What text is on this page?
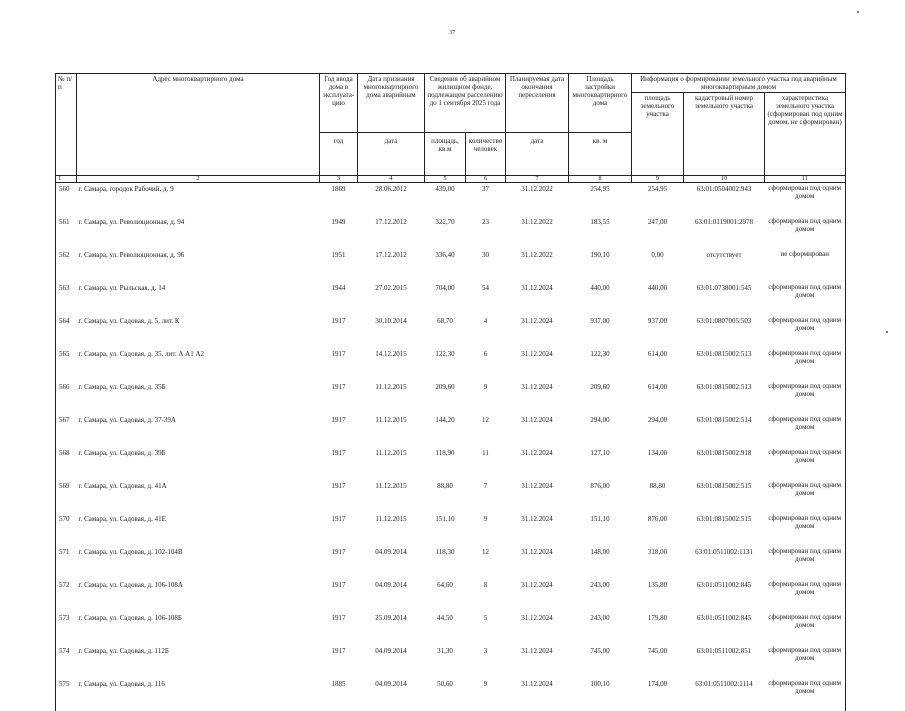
37
№ п/п	Адрес многоквартирного дома	Год ввода дома в эксплуата-цию	Дата признания многоквартирного дома аварийным	Сведения об аварийном жилищном фонде, подлежащем расселению до 1 сентября 2025 года		Планируемая дата окончания переселения	Площадь застройки многоквартирного дома	Информация о формировании земельного участка под аварийным многоквартирным домом		
								площадь земельного участка	кадастровый номер земельного участка	характеристика земельного участка (сформирован под одним домом, не сформирован)
		год	дата	площадь, кв.м	количество человек	дата	кв. м			
1	2	3	4	5	6	7	8	9	10	11
560	г. Самара, городок Рабочий, д. 9	1869	28.06.2012	439,00	37	31.12.2022	254,95	254,95	63:01:0504002:943	сформирован под одним домом
561	г. Самара, ул. Революционная, д. 94	1949	17.12.2012	322,70	23	31.12.2022	183,55	247,00	63:01:0119001:2978	сформирован под одним домом
562	г. Самара, ул. Революционная, д. 96	1951	17.12.2012	336,40	30	31.12.2022	190,10	0,00	отсутствует	не сформирован
563	г. Самара, ул. Рыльская, д. 14	1944	27.02.2015	704,00	54	31.12.2024	440,00	440,00	63:01:0738001:545	сформирован под одним домом
564	г. Самара, ул. Садовая, д. 5, лит. К	1917	30.10.2014	68,70	4	31.12.2024	937,00	937,00	63:01:0807005:503	сформирован под одним домом
565	г. Самара, ул. Садовая, д. 35, лит. А А1 А2	1917	14.12.2015	122,30	6	31.12.2024	122,30	614,00	63:01:0815002:513	сформирован под одним домом
566	г. Самара, ул. Садовая, д. 35Б	1917	11.12.2015	209,60	9	31.12.2024	209,60	614,00	63:01:0815002:513	сформирован под одним домом
567	г. Самара, ул. Садовая, д. 37-39А	1917	11.12.2015	144,20	12	31.12.2024	294,00	294,00	63:01:0815002:514	сформирован под одним домом
568	г. Самара, ул. Садовая, д. 39Б	1917	11.12.2015	118,90	11	31.12.2024	127,10	134,00	63:01:0815002:918	сформирован под одним домом
569	г. Самара, ул. Садовая, д. 41А	1917	11.12.2015	88,80	7	31.12.2024	876,00	88,80	63:01:0815002:515	сформирован под одним домом
570	г. Самара, ул. Садовая, д. 41Е	1917	11.12.2015	151,10	9	31.12.2024	151,10	876,00	63:01:0815002:515	сформирован под одним домом
571	г. Самара, ул. Садовая, д. 102-104В	1917	04.09.2014	118,30	12	31.12.2024	148,00	318,00	63:01:0511002:1131	сформирован под одним домом
572	г. Самара, ул. Садовая, д. 106-108А	1917	04.09.2014	64,60	8	31.12.2024	243,00	135,80	63:01:0511002:845	сформирован под одним домом
573	г. Самара, ул. Садовая, д. 106-108Б	1917	25.09.2014	44,50	5	31.12.2024	243,00	179,80	63:01:0511002:845	сформирован под одним домом
574	г. Самара, ул. Садовая, д. 112Б	1917	04.09.2014	31,30	3	31.12.2024	745,00	745,00	63:01:0511002:851	сформирован под одним домом
575	г. Самара, ул. Садовая, д. 116	1885	04.09.2014	50,60	9	31.12.2024	100,10	174,00	63:01:0511002:1114	сформирован под одним домом
